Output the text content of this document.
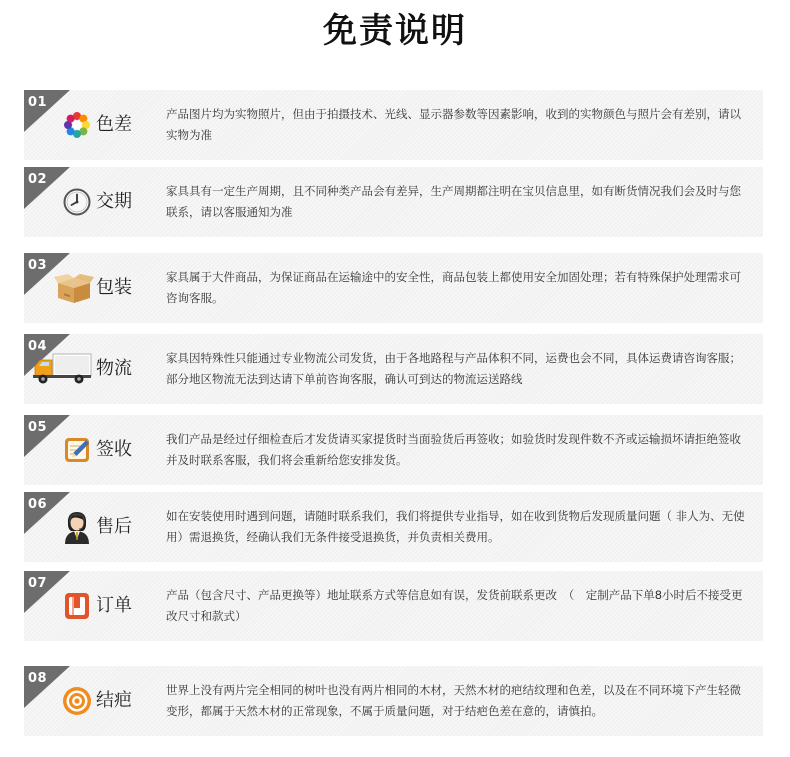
免责说明
01
色差	产品图片均为实物照片，但由于拍摄技术、光线、显示器参数等因素影响，收到的实物颜色与照片会有差别，请以实物为准
02
交期	家具具有一定生产周期，且不同种类产品会有差异，生产周期都注明在宝贝信息里，如有断货情况我们会及时与您联系，请以客服通知为准
03
包装	家具属于大件商品，为保证商品在运输途中的安全性，商品包装上都使用安全加固处理；若有特殊保护处理需求可咨询客服。
04
物流	家具因特殊性只能通过专业物流公司发货，由于各地路程与产品体积不同，运费也会不同，具体运费请咨询客服；部分地区物流无法到达请下单前咨询客服，确认可到达的物流运送路线
05
签收	我们产品是经过仔细检查后才发货请买家提货时当面验货后再签收；如验货时发现件数不齐或运输损坏请拒绝签收并及时联系客服，我们将会重新给您安排发货。
06
售后	如在安装使用时遇到问题，请随时联系我们，我们将提供专业指导，如在收到货物后发现质量问题（ 非人为、无使用）需退换货，经确认我们无条件接受退换货，并负责相关费用。
07
订单	产品（包含尺寸、产品更换等）地址联系方式等信息如有误，发货前联系更改　（　定制产品下单8小时后不接受更改尺寸和款式）
08
结疤	世界上没有两片完全相同的树叶也没有两片相同的木材，天然木材的疤结纹理和色差，以及在不同环境下产生轻微变形，都属于天然木材的正常现象，不属于质量问题，对于结疤色差在意的，请慎拍。
